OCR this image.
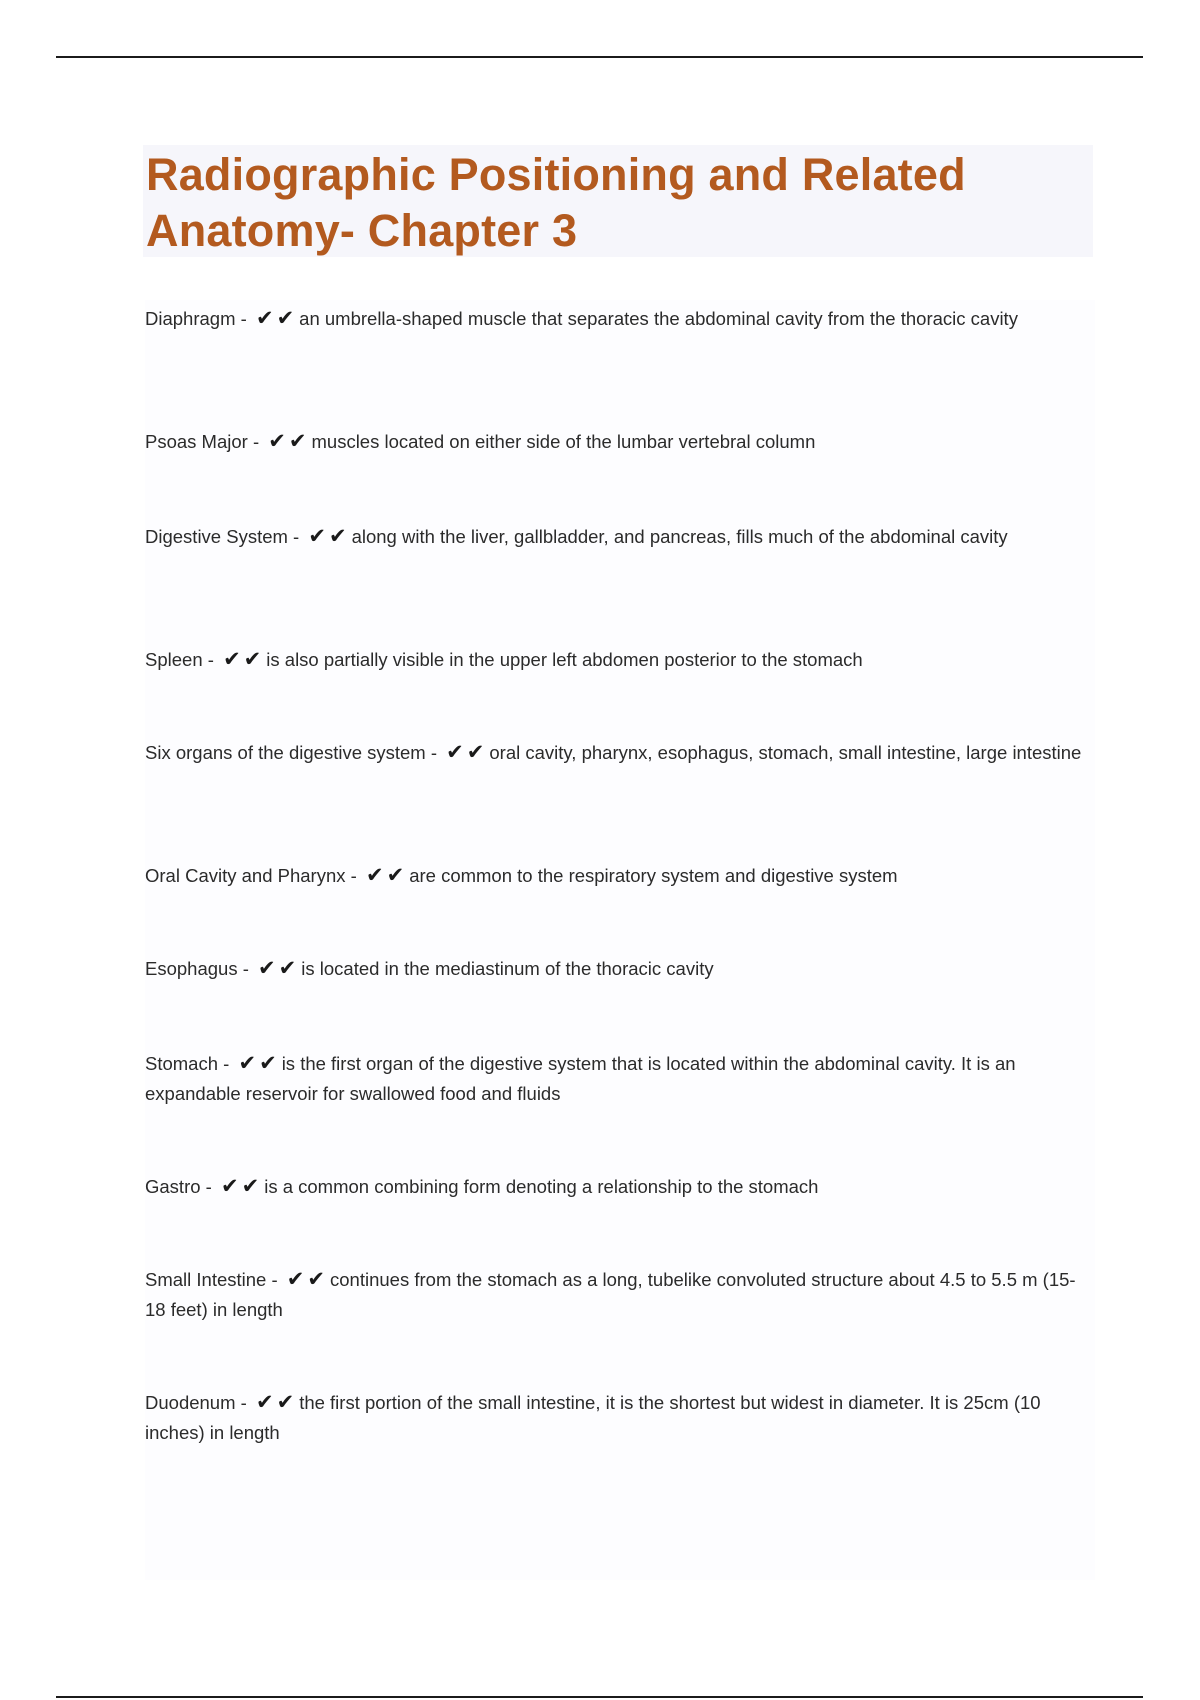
Radiographic Positioning and Related Anatomy- Chapter 3
Diaphragm - ✔✔ an umbrella-shaped muscle that separates the abdominal cavity from the thoracic cavity
Psoas Major - ✔✔ muscles located on either side of the lumbar vertebral column
Digestive System - ✔✔ along with the liver, gallbladder, and pancreas, fills much of the abdominal cavity
Spleen - ✔✔ is also partially visible in the upper left abdomen posterior to the stomach
Six organs of the digestive system - ✔✔ oral cavity, pharynx, esophagus, stomach, small intestine, large intestine
Oral Cavity and Pharynx - ✔✔ are common to the respiratory system and digestive system
Esophagus - ✔✔ is located in the mediastinum of the thoracic cavity
Stomach - ✔✔ is the first organ of the digestive system that is located within the abdominal cavity. It is an expandable reservoir for swallowed food and fluids
Gastro - ✔✔ is a common combining form denoting a relationship to the stomach
Small Intestine - ✔✔ continues from the stomach as a long, tubelike convoluted structure about 4.5 to 5.5 m (15-18 feet) in length
Duodenum - ✔✔ the first portion of the small intestine, it is the shortest but widest in diameter. It is 25cm (10 inches) in length
